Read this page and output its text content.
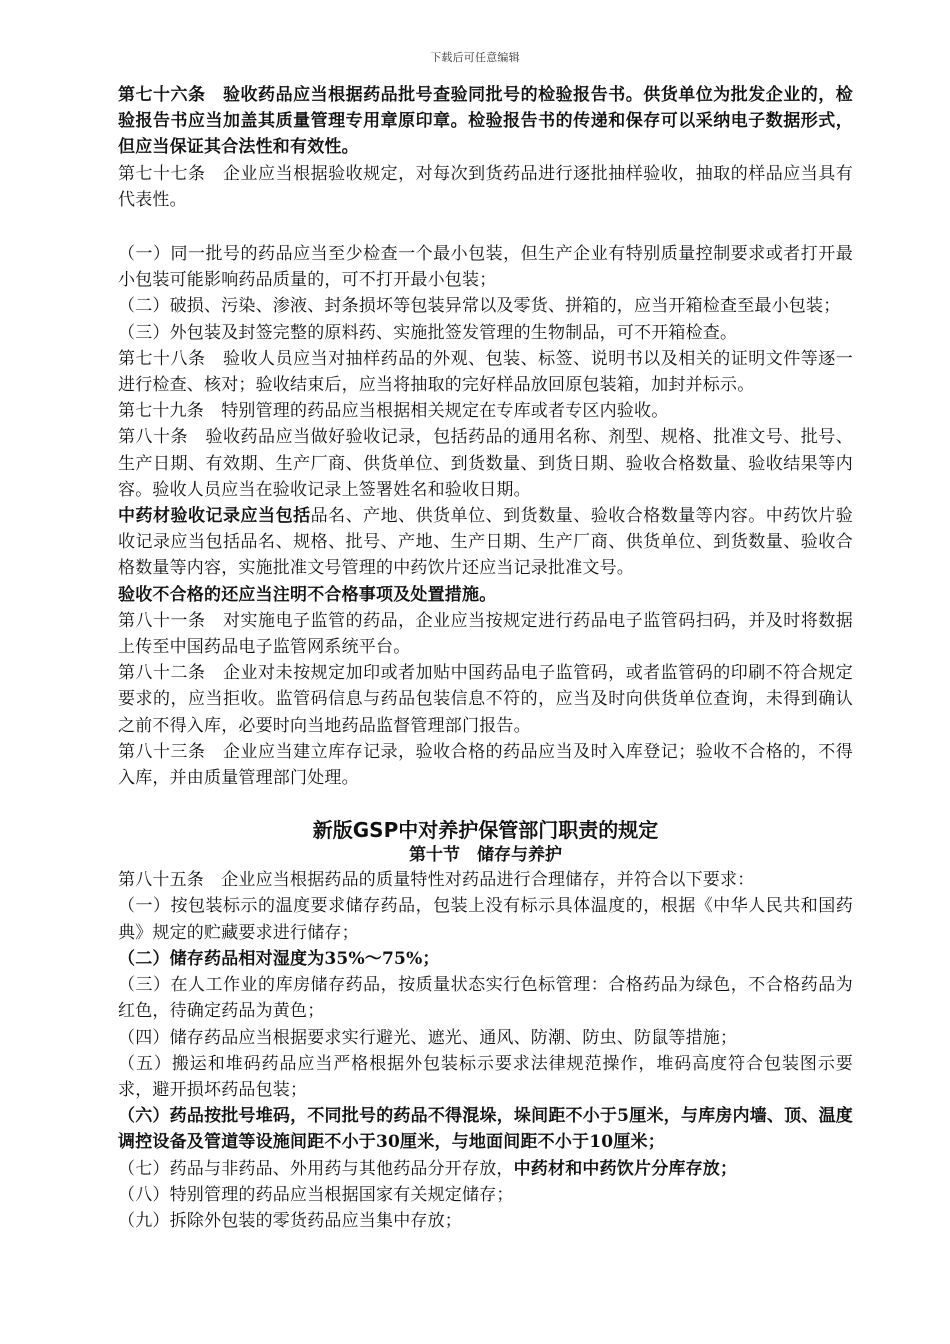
下载后可任意编辑

第七十六条　验收药品应当根据药品批号查验同批号的检验报告书。供货单位为批发企业的，检验报告书应当加盖其质量管理专用章原印章。检验报告书的传递和保存可以采纳电子数据形式，但应当保证其合法性和有效性。

第七十七条　企业应当根据验收规定，对每次到货药品进行逐批抽样验收，抽取的样品应当具有代表性。

（一）同一批号的药品应当至少检查一个最小包装，但生产企业有特别质量控制要求或者打开最小包装可能影响药品质量的，可不打开最小包装；

（二）破损、污染、渗液、封条损坏等包装异常以及零货、拼箱的，应当开箱检查至最小包装；

（三）外包装及封签完整的原料药、实施批签发管理的生物制品，可不开箱检查。

第七十八条　验收人员应当对抽样药品的外观、包装、标签、说明书以及相关的证明文件等逐一进行检查、核对；验收结束后，应当将抽取的完好样品放回原包装箱，加封并标示。

第七十九条　特别管理的药品应当根据相关规定在专库或者专区内验收。

第八十条　验收药品应当做好验收记录，包括药品的通用名称、剂型、规格、批准文号、批号、生产日期、有效期、生产厂商、供货单位、到货数量、到货日期、验收合格数量、验收结果等内容。验收人员应当在验收记录上签署姓名和验收日期。

中药材验收记录应当包括品名、产地、供货单位、到货数量、验收合格数量等内容。中药饮片验收记录应当包括品名、规格、批号、产地、生产日期、生产厂商、供货单位、到货数量、验收合格数量等内容，实施批准文号管理的中药饮片还应当记录批准文号。

验收不合格的还应当注明不合格事项及处置措施。

第八十一条　对实施电子监管的药品，企业应当按规定进行药品电子监管码扫码，并及时将数据上传至中国药品电子监管网系统平台。

第八十二条　企业对未按规定加印或者加贴中国药品电子监管码，或者监管码的印刷不符合规定要求的，应当拒收。监管码信息与药品包装信息不符的，应当及时向供货单位查询，未得到确认之前不得入库，必要时向当地药品监督管理部门报告。

第八十三条　企业应当建立库存记录，验收合格的药品应当及时入库登记；验收不合格的，不得入库，并由质量管理部门处理。

新版GSP中对养护保管部门职责的规定
第十节　储存与养护

第八十五条　企业应当根据药品的质量特性对药品进行合理储存，并符合以下要求：

（一）按包装标示的温度要求储存药品，包装上没有标示具体温度的，根据《中华人民共和国药典》规定的贮藏要求进行储存；

（二）储存药品相对湿度为35%～75%；

（三）在人工作业的库房储存药品，按质量状态实行色标管理：合格药品为绿色，不合格药品为红色，待确定药品为黄色；

（四）储存药品应当根据要求实行避光、遮光、通风、防潮、防虫、防鼠等措施；

（五）搬运和堆码药品应当严格根据外包装标示要求法律规范操作，堆码高度符合包装图示要求，避开损坏药品包装；

（六）药品按批号堆码，不同批号的药品不得混垛，垛间距不小于5厘米，与库房内墙、顶、温度调控设备及管道等设施间距不小于30厘米，与地面间距不小于10厘米；

（七）药品与非药品、外用药与其他药品分开存放，中药材和中药饮片分库存放；

（八）特别管理的药品应当根据国家有关规定储存；

（九）拆除外包装的零货药品应当集中存放；
